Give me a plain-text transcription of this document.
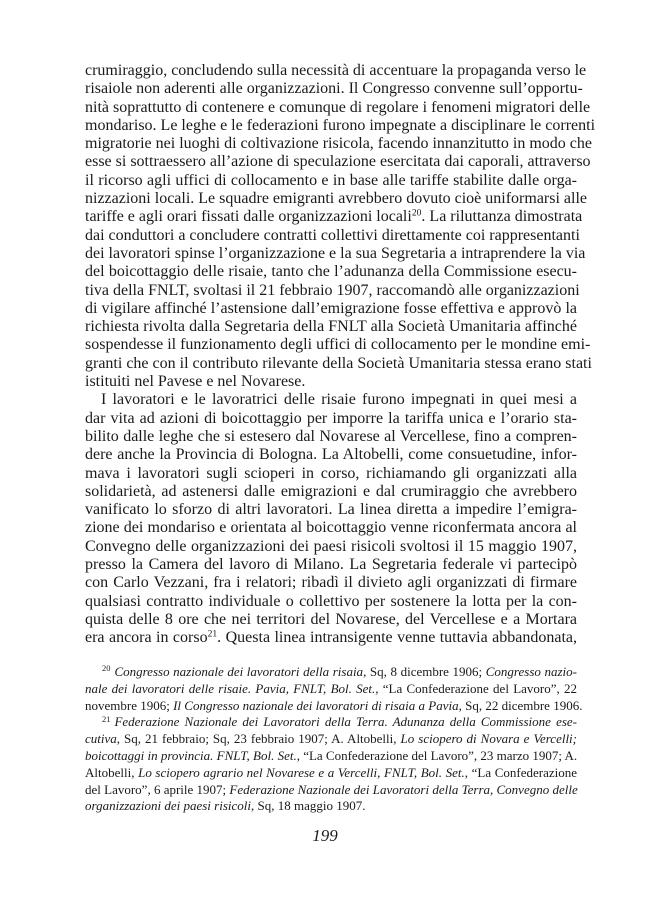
crumiraggio, concludendo sulla necessità di accentuare la propaganda verso le
risaiole non aderenti alle organizzazioni. Il Congresso convenne sull’opportu-
nità soprattutto di contenere e comunque di regolare i fenomeni migratori delle
mondariso. Le leghe e le federazioni furono impegnate a disciplinare le correnti
migratorie nei luoghi di coltivazione risicola, facendo innanzitutto in modo che
esse si sottraessero all’azione di speculazione esercitata dai caporali, attraverso
il ricorso agli uffici di collocamento e in base alle tariffe stabilite dalle orga-
nizzazioni locali. Le squadre emigranti avrebbero dovuto cioè uniformarsi alle
tariffe e agli orari fissati dalle organizzazioni locali$^{20}$. La riluttanza dimostrata
dai conduttori a concludere contratti collettivi direttamente coi rappresentanti
dei lavoratori spinse l’organizzazione e la sua Segretaria a intraprendere la via
del boicottaggio delle risaie, tanto che l’adunanza della Commissione esecu-
tiva della FNLT, svoltasi il 21 febbraio 1907, raccomandò alle organizzazioni
di vigilare affinché l’astensione dall’emigrazione fosse effettiva e approvò la
richiesta rivolta dalla Segretaria della FNLT alla Società Umanitaria affinché
sospendesse il funzionamento degli uffici di collocamento per le mondine emi-
granti che con il contributo rilevante della Società Umanitaria stessa erano stati
istituiti nel Pavese e nel Novarese.
I lavoratori e le lavoratrici delle risaie furono impegnati in quei mesi a
dar vita ad azioni di boicottaggio per imporre la tariffa unica e l’orario sta-
bilito dalle leghe che si estesero dal Novarese al Vercellese, fino a compren-
dere anche la Provincia di Bologna. La Altobelli, come consuetudine, infor-
mava i lavoratori sugli scioperi in corso, richiamando gli organizzati alla
solidarietà, ad astenersi dalle emigrazioni e dal crumiraggio che avrebbero
vanificato lo sforzo di altri lavoratori. La linea diretta a impedire l’emigra-
zione dei mondariso e orientata al boicottaggio venne riconfermata ancora al
Convegno delle organizzazioni dei paesi risicoli svoltosi il 15 maggio 1907,
presso la Camera del lavoro di Milano. La Segretaria federale vi partecipò
con Carlo Vezzani, fra i relatori; ribadì il divieto agli organizzati di firmare
qualsiasi contratto individuale o collettivo per sostenere la lotta per la con-
quista delle 8 ore che nei territori del Novarese, del Vercellese e a Mortara
era ancora in corso$^{21}$. Questa linea intransigente venne tuttavia abbandonata,
$^{20}$ Congresso nazionale dei lavoratori della risaia, Sq, 8 dicembre 1906; Congresso nazio-
nale dei lavoratori delle risaie. Pavia, FNLT, Bol. Set., “La Confederazione del Lavoro”, 22
novembre 1906; Il Congresso nazionale dei lavoratori di risaia a Pavia, Sq, 22 dicembre 1906.
$^{21}$ Federazione Nazionale dei Lavoratori della Terra. Adunanza della Commissione ese-
cutiva, Sq, 21 febbraio; Sq, 23 febbraio 1907; A. Altobelli, Lo sciopero di Novara e Vercelli;
boicottaggi in provincia. FNLT, Bol. Set., “La Confederazione del Lavoro”, 23 marzo 1907; A.
Altobelli, Lo sciopero agrario nel Novarese e a Vercelli, FNLT, Bol. Set., “La Confederazione
del Lavoro”, 6 aprile 1907; Federazione Nazionale dei Lavoratori della Terra, Convegno delle
organizzazioni dei paesi risicoli, Sq, 18 maggio 1907.
199
